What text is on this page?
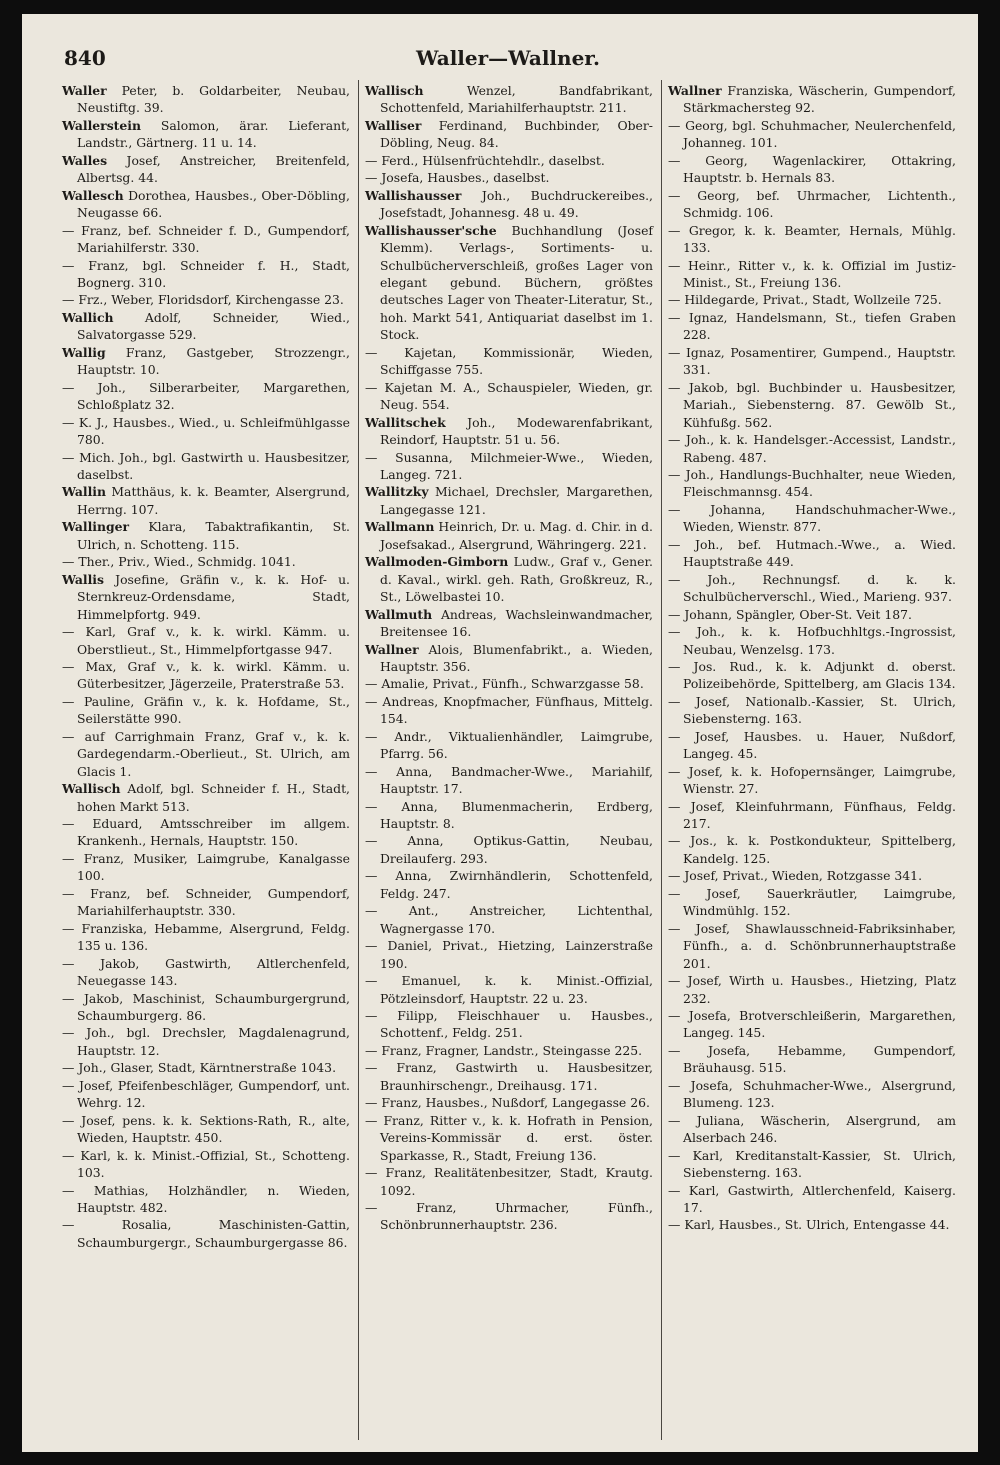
840	Waller—Wallner.

Waller Peter, b. Goldarbeiter, Neubau, Neustiftg. 39.

Wallerstein Salomon, ärar. Lieferant, Landstr., Gärtnerg. 11 u. 14.

Walles Josef, Anstreicher, Breitenfeld, Albertsg. 44.

Wallesch Dorothea, Hausbes., Ober-Döbling, Neugasse 66.

— Franz, bef. Schneider f. D., Gumpendorf, Mariahilferstr. 330.

— Franz, bgl. Schneider f. H., Stadt, Bognerg. 310.

— Frz., Weber, Floridsdorf, Kirchengasse 23.

Wallich Adolf, Schneider, Wied., Salvatorgasse 529.

Wallig Franz, Gastgeber, Strozzengr., Hauptstr. 10.

— Joh., Silberarbeiter, Margarethen, Schloßplatz 32.

— K. J., Hausbes., Wied., u. Schleifmühlgasse 780.

— Mich. Joh., bgl. Gastwirth u. Hausbesitzer, daselbst.

Wallin Matthäus, k. k. Beamter, Alsergrund, Herrng. 107.

Wallinger Klara, Tabaktrafikantin, St. Ulrich, n. Schotteng. 115.

— Ther., Priv., Wied., Schmidg. 1041.

Wallis Josefine, Gräfin v., k. k. Hof- u. Sternkreuz-Ordensdame, Stadt, Himmelpfortg. 949.

— Karl, Graf v., k. k. wirkl. Kämm. u. Oberstlieut., St., Himmelpfortgasse 947.

— Max, Graf v., k. k. wirkl. Kämm. u. Güterbesitzer, Jägerzeile, Praterstraße 53.

— Pauline, Gräfin v., k. k. Hofdame, St., Seilerstätte 990.

— auf Carrighmain Franz, Graf v., k. k. Gardegendarm.-Oberlieut., St. Ulrich, am Glacis 1.

Wallisch Adolf, bgl. Schneider f. H., Stadt, hohen Markt 513.

— Eduard, Amtsschreiber im allgem. Krankenh., Hernals, Hauptstr. 150.

— Franz, Musiker, Laimgrube, Kanalgasse 100.

— Franz, bef. Schneider, Gumpendorf, Mariahilferhauptstr. 330.

— Franziska, Hebamme, Alsergrund, Feldg. 135 u. 136.

— Jakob, Gastwirth, Altlerchenfeld, Neuegasse 143.

— Jakob, Maschinist, Schaumburgergrund, Schaumburgerg. 86.

— Joh., bgl. Drechsler, Magdalenagrund, Hauptstr. 12.

— Joh., Glaser, Stadt, Kärntnerstraße 1043.

— Josef, Pfeifenbeschläger, Gumpendorf, unt. Wehrg. 12.

— Josef, pens. k. k. Sektions-Rath, R., alte, Wieden, Hauptstr. 450.

— Karl, k. k. Minist.-Offizial, St., Schotteng. 103.

— Mathias, Holzhändler, n. Wieden, Hauptstr. 482.

— Rosalia, Maschinisten-Gattin, Schaumburgergr., Schaumburgergasse 86.

Wallisch Wenzel, Bandfabrikant, Schottenfeld, Mariahilferhauptstr. 211.

Walliser Ferdinand, Buchbinder, Ober-Döbling, Neug. 84.

— Ferd., Hülsenfrüchtehdlr., daselbst.

— Josefa, Hausbes., daselbst.

Wallishausser Joh., Buchdruckereibes., Josefstadt, Johannesg. 48 u. 49.

Wallishausser'sche Buchhandlung (Josef Klemm). Verlags-, Sortiments- u. Schulbücherverschleiß, großes Lager von elegant gebund. Büchern, größtes deutsches Lager von Theater-Literatur, St., hoh. Markt 541, Antiquariat daselbst im 1. Stock.

— Kajetan, Kommissionär, Wieden, Schiffgasse 755.

— Kajetan M. A., Schauspieler, Wieden, gr. Neug. 554.

Wallitschek Joh., Modewarenfabrikant, Reindorf, Hauptstr. 51 u. 56.

— Susanna, Milchmeier-Wwe., Wieden, Langeg. 721.

Wallitzky Michael, Drechsler, Margarethen, Langegasse 121.

Wallmann Heinrich, Dr. u. Mag. d. Chir. in d. Josefsakad., Alsergrund, Währingerg. 221.

Wallmoden-Gimborn Ludw., Graf v., Gener. d. Kaval., wirkl. geh. Rath, Großkreuz, R., St., Löwelbastei 10.

Wallmuth Andreas, Wachsleinwandmacher, Breitensee 16.

Wallner Alois, Blumenfabrikt., a. Wieden, Hauptstr. 356.

— Amalie, Privat., Fünfh., Schwarzgasse 58.

— Andreas, Knopfmacher, Fünfhaus, Mittelg. 154.

— Andr., Viktualienhändler, Laimgrube, Pfarrg. 56.

— Anna, Bandmacher-Wwe., Mariahilf, Hauptstr. 17.

— Anna, Blumenmacherin, Erdberg, Hauptstr. 8.

— Anna, Optikus-Gattin, Neubau, Dreilauferg. 293.

— Anna, Zwirnhändlerin, Schottenfeld, Feldg. 247.

— Ant., Anstreicher, Lichtenthal, Wagnergasse 170.

— Daniel, Privat., Hietzing, Lainzerstraße 190.

— Emanuel, k. k. Minist.-Offizial, Pötzleinsdorf, Hauptstr. 22 u. 23.

— Filipp, Fleischhauer u. Hausbes., Schottenf., Feldg. 251.

— Franz, Fragner, Landstr., Steingasse 225.

— Franz, Gastwirth u. Hausbesitzer, Braunhirschengr., Dreihausg. 171.

— Franz, Hausbes., Nußdorf, Langegasse 26.

— Franz, Ritter v., k. k. Hofrath in Pension, Vereins-Kommissär d. erst. öster. Sparkasse, R., Stadt, Freiung 136.

— Franz, Realitätenbesitzer, Stadt, Krautg. 1092.

— Franz, Uhrmacher, Fünfh., Schönbrunnerhauptstr. 236.

Wallner Franziska, Wäscherin, Gumpendorf, Stärkmachersteg 92.

— Georg, bgl. Schuhmacher, Neulerchenfeld, Johanneg. 101.

— Georg, Wagenlackirer, Ottakring, Hauptstr. b. Hernals 83.

— Georg, bef. Uhrmacher, Lichtenth., Schmidg. 106.

— Gregor, k. k. Beamter, Hernals, Mühlg. 133.

— Heinr., Ritter v., k. k. Offizial im Justiz-Minist., St., Freiung 136.

— Hildegarde, Privat., Stadt, Wollzeile 725.

— Ignaz, Handelsmann, St., tiefen Graben 228.

— Ignaz, Posamentirer, Gumpend., Hauptstr. 331.

— Jakob, bgl. Buchbinder u. Hausbesitzer, Mariah., Siebensterng. 87. Gewölb St., Kühfußg. 562.

— Joh., k. k. Handelsger.-Accessist, Landstr., Rabeng. 487.

— Joh., Handlungs-Buchhalter, neue Wieden, Fleischmannsg. 454.

— Johanna, Handschuhmacher-Wwe., Wieden, Wienstr. 877.

— Joh., bef. Hutmach.-Wwe., a. Wied. Hauptstraße 449.

— Joh., Rechnungsf. d. k. k. Schulbücherverschl., Wied., Marieng. 937.

— Johann, Spängler, Ober-St. Veit 187.

— Joh., k. k. Hofbuchhltgs.-Ingrossist, Neubau, Wenzelsg. 173.

— Jos. Rud., k. k. Adjunkt d. oberst. Polizeibehörde, Spittelberg, am Glacis 134.

— Josef, Nationalb.-Kassier, St. Ulrich, Siebensterng. 163.

— Josef, Hausbes. u. Hauer, Nußdorf, Langeg. 45.

— Josef, k. k. Hofopernsänger, Laimgrube, Wienstr. 27.

— Josef, Kleinfuhrmann, Fünfhaus, Feldg. 217.

— Jos., k. k. Postkondukteur, Spittelberg, Kandelg. 125.

— Josef, Privat., Wieden, Rotzgasse 341.

— Josef, Sauerkräutler, Laimgrube, Windmühlg. 152.

— Josef, Shawlausschneid-Fabriksinhaber, Fünfh., a. d. Schönbrunnerhauptstraße 201.

— Josef, Wirth u. Hausbes., Hietzing, Platz 232.

— Josefa, Brotverschleißerin, Margarethen, Langeg. 145.

— Josefa, Hebamme, Gumpendorf, Bräuhausg. 515.

— Josefa, Schuhmacher-Wwe., Alsergrund, Blumeng. 123.

— Juliana, Wäscherin, Alsergrund, am Alserbach 246.

— Karl, Kreditanstalt-Kassier, St. Ulrich, Siebensterng. 163.

— Karl, Gastwirth, Altlerchenfeld, Kaiserg. 17.

— Karl, Hausbes., St. Ulrich, Entengasse 44.
